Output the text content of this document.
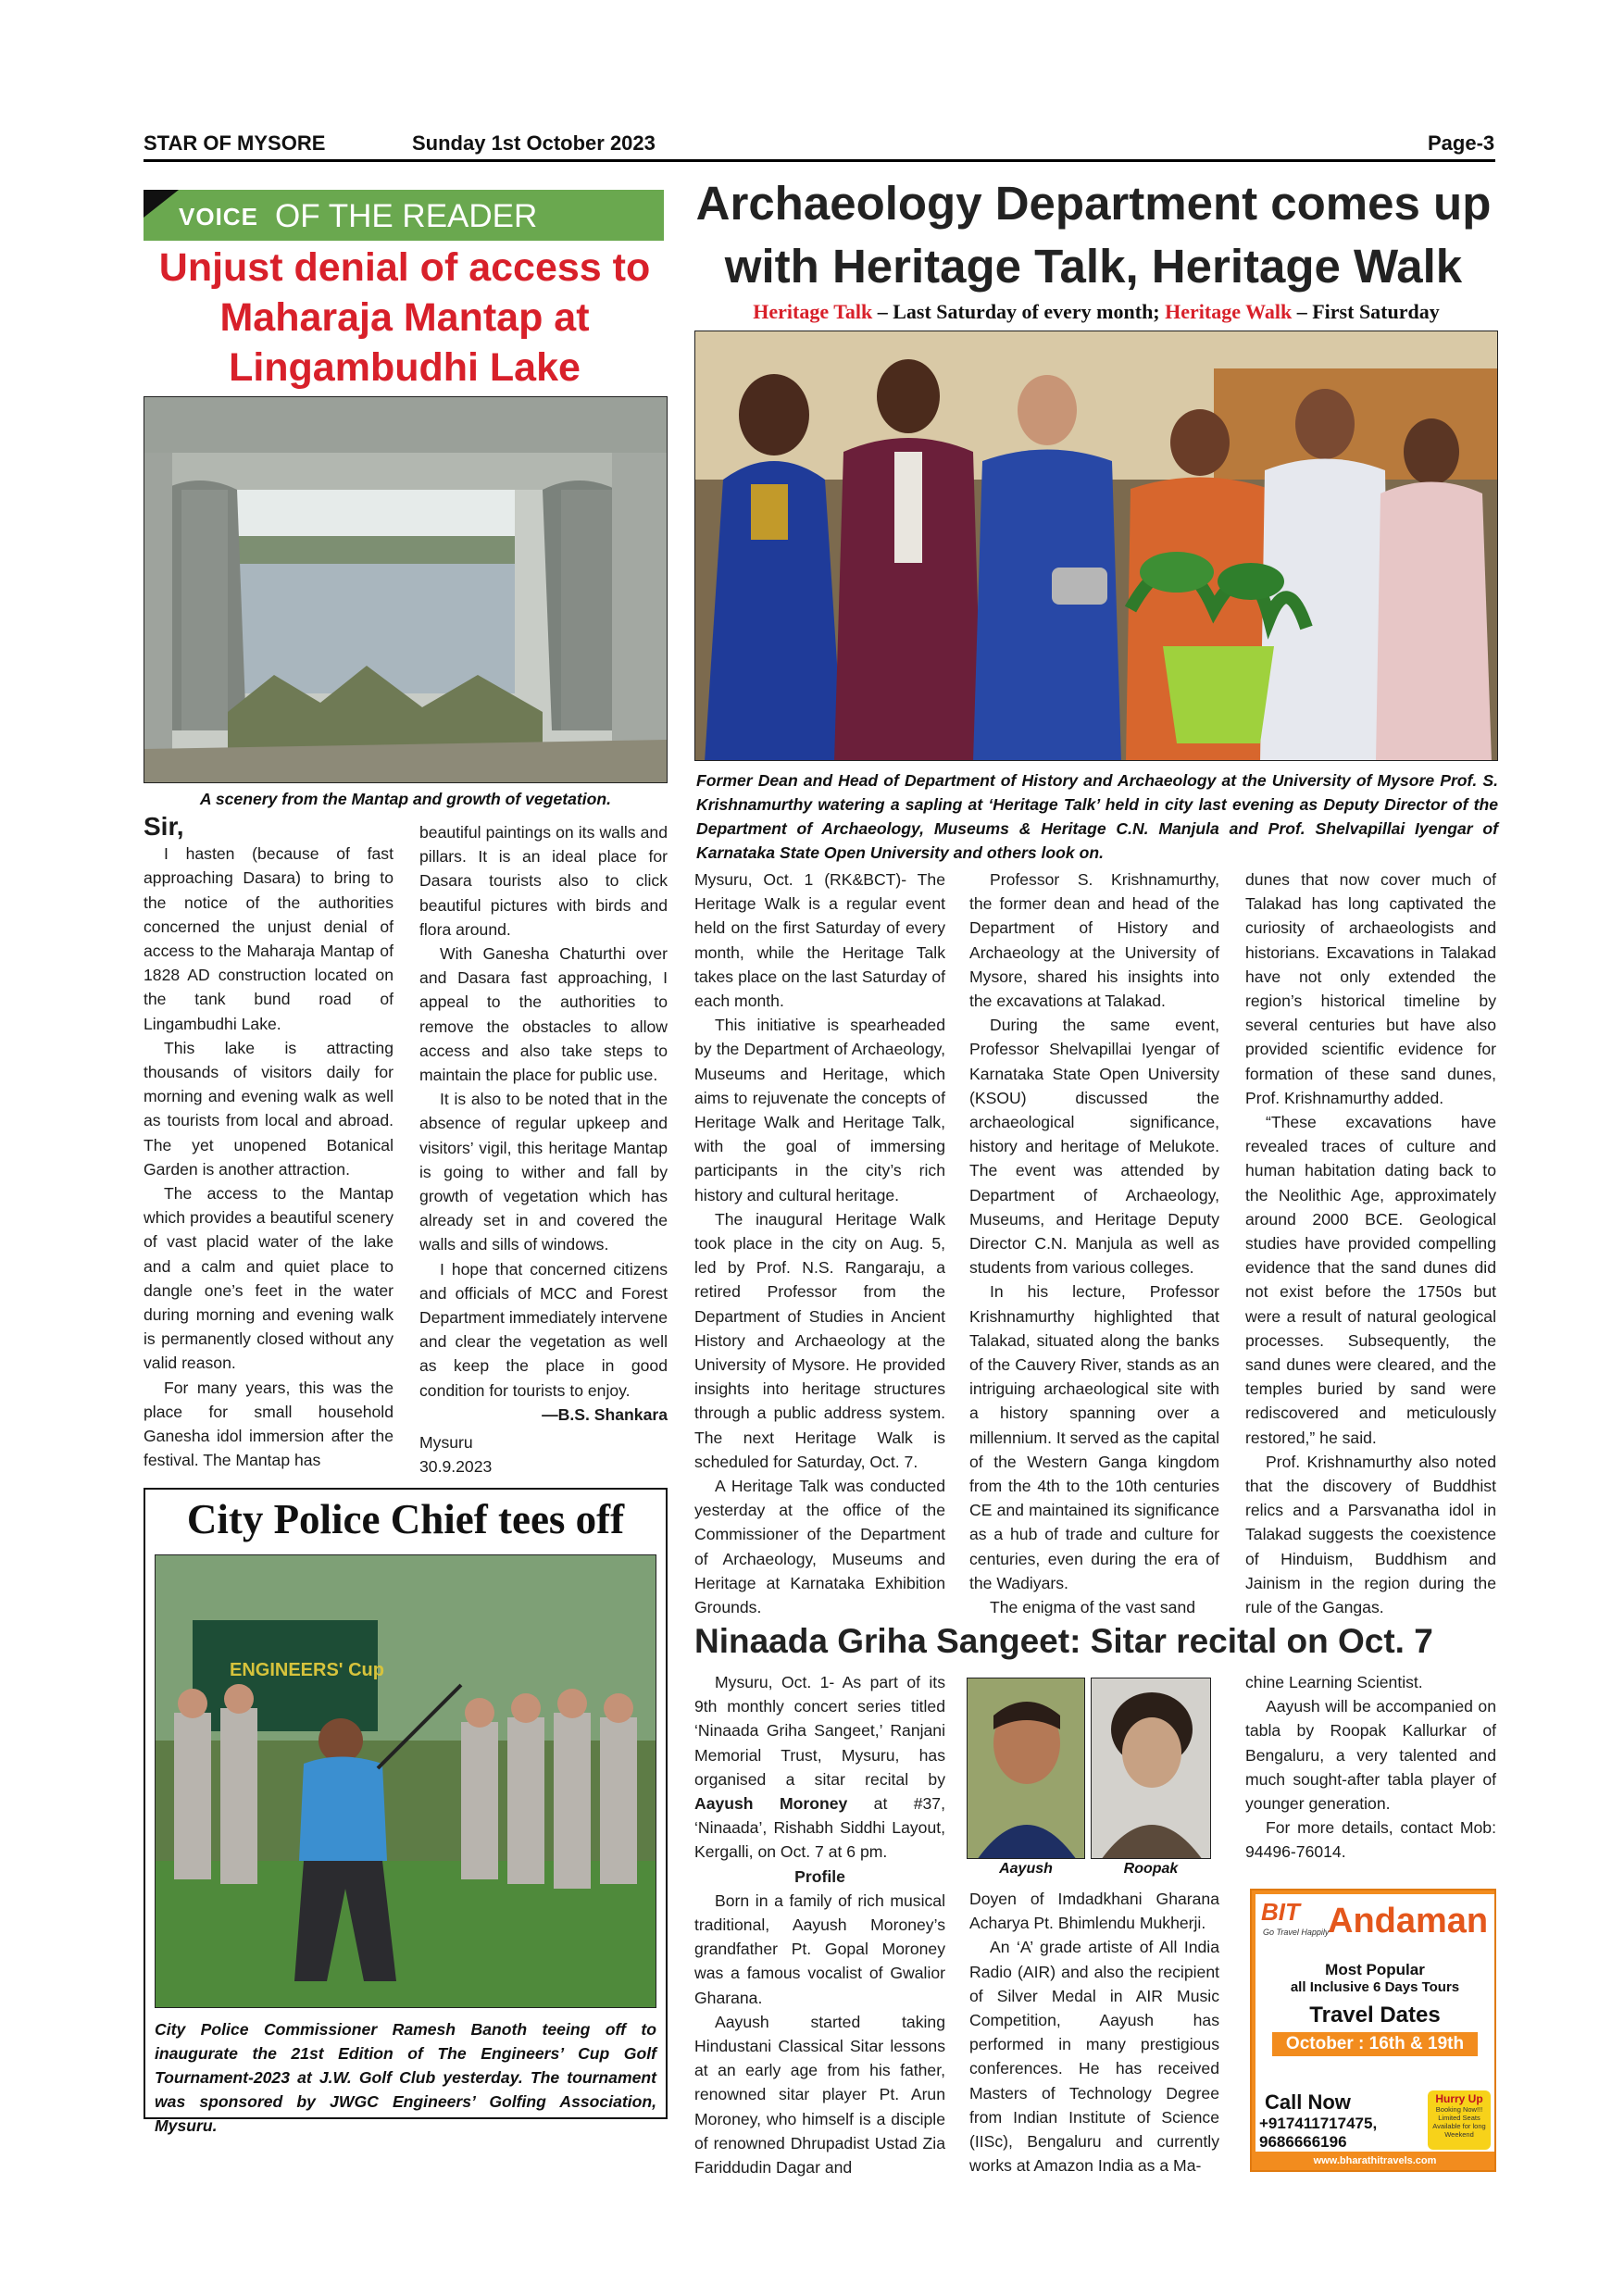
STAR OF MYSORE	Sunday 1st October 2023	Page-3
VOICE OF THE READER
Unjust denial of access to Maharaja Mantap at Lingambudhi Lake
A scenery from the Mantap and growth of vegetation.

Sir,

I hasten (because of fast approaching Dasara) to bring to the notice of the authorities concerned the unjust denial of access to the Maharaja Mantap of 1828 AD construction located on the tank bund road of Lingambudhi Lake.

This lake is attracting thousands of visitors daily for morning and evening walk as well as tourists from local and abroad. The yet unopened Botanical Garden is another attraction.

The access to the Mantap which provides a beautiful scenery of vast placid water of the lake and a calm and quiet place to dangle one’s feet in the water during morning and evening walk is permanently closed without any valid reason.

For many years, this was the place for small household Ganesha idol immersion after the festival. The Mantap has

beautiful paintings on its walls and pillars. It is an ideal place for Dasara tourists also to click beautiful pictures with birds and flora around.

With Ganesha Chaturthi over and Dasara fast approaching, I appeal to the authorities to remove the obstacles to allow access and also take steps to maintain the place for public use.

It is also to be noted that in the absence of regular upkeep and visitors’ vigil, this heritage Mantap is going to wither and fall by growth of vegetation which has already set in and covered the walls and sills of windows.

I hope that concerned citizens and officials of MCC and Forest Department immediately intervene and clear the vegetation as well as keep the place in good condition for tourists to enjoy.

—B.S. Shankara

Mysuru

30.9.2023

Archaeology Department comes up with Heritage Talk, Heritage Walk
Heritage Talk – Last Saturday of every month; Heritage Walk – First Saturday
Former Dean and Head of Department of History and Archaeology at the University of Mysore Prof. S. Krishnamurthy watering a sapling at ‘Heritage Talk’ held in city last evening as Deputy Director of the Department of Archaeology, Museums & Heritage C.N. Manjula and Prof. Shelvapillai Iyengar of Karnataka State Open University and others look on.

Mysuru, Oct. 1 (RK&BCT)- The Heritage Walk is a regular event held on the first Saturday of every month, while the Heritage Talk takes place on the last Saturday of each month.

This initiative is spearheaded by the Department of Archaeology, Museums and Heritage, which aims to rejuvenate the concepts of Heritage Walk and Heritage Talk, with the goal of immersing participants in the city’s rich history and cultural heritage.

The inaugural Heritage Walk took place in the city on Aug. 5, led by Prof. N.S. Rangaraju, a retired Professor from the Department of Studies in Ancient History and Archaeology at the University of Mysore. He provided insights into heritage structures through a public address system. The next Heritage Walk is scheduled for Saturday, Oct. 7.

A Heritage Talk was conducted yesterday at the office of the Commissioner of the Department of Archaeology, Museums and Heritage at Karnataka Exhibition Grounds.

Professor S. Krishnamurthy, the former dean and head of the Department of History and Archaeology at the University of Mysore, shared his insights into the excavations at Talakad.

During the same event, Professor Shelvapillai Iyengar of Karnataka State Open University (KSOU) discussed the archaeological significance, history and heritage of Melukote. The event was attended by Department of Archaeology, Museums, and Heritage Deputy Director C.N. Manjula as well as students from various colleges.

In his lecture, Professor Krishnamurthy highlighted that Talakad, situated along the banks of the Cauvery River, stands as an intriguing archaeological site with a history spanning over a millennium. It served as the capital of the Western Ganga kingdom from the 4th to the 10th centuries CE and maintained its significance as a hub of trade and culture for centuries, even during the era of the Wadiyars.

The enigma of the vast sand

dunes that now cover much of Talakad has long captivated the curiosity of archaeologists and historians. Excavations in Talakad have not only extended the region’s historical timeline by several centuries but have also provided scientific evidence for formation of these sand dunes, Prof. Krishnamurthy added.

“These excavations have revealed traces of culture and human habitation dating back to the Neolithic Age, approximately around 2000 BCE. Geological studies have provided compelling evidence that the sand dunes did not exist before the 1750s but were a result of natural geological processes. Subsequently, the sand dunes were cleared, and the temples buried by sand were rediscovered and meticulously restored,” he said.

Prof. Krishnamurthy also noted that the discovery of Buddhist relics and a Parsvanatha idol in Talakad suggests the coexistence of Hinduism, Buddhism and Jainism in the region during the rule of the Gangas.

City Police Chief tees off
ENGINEERS' Cup
City Police Commissioner Ramesh Banoth teeing off to inaugurate the 21st Edition of The Engineers’ Cup Golf Tournament-2023 at J.W. Golf Club yesterday. The tournament was sponsored by JWGC Engineers’ Golfing Association, Mysuru.
Ninaada Griha Sangeet: Sitar recital on Oct. 7

Mysuru, Oct. 1- As part of its 9th monthly concert series titled ‘Ninaada Griha Sangeet,’ Ranjani Memorial Trust, Mysuru, has organised a sitar recital by Aayush Moroney at #37, ‘Ninaada’, Rishabh Siddhi Layout, Kergalli, on Oct. 7 at 6 pm.

Profile

Born in a family of rich musical traditional, Aayush Moroney’s grandfather Pt. Gopal Moroney was a famous vocalist of Gwalior Gharana.

Aayush started taking Hindustani Classical Sitar lessons at an early age from his father, renowned sitar player Pt. Arun Moroney, who himself is a disciple of renowned Dhrupadist Ustad Zia Fariddudin Dagar and

Aayush	Roopak

Doyen of Imdadkhani Gharana Acharya Pt. Bhimlendu Mukherji.

An ‘A’ grade artiste of All India Radio (AIR) and also the recipient of Silver Medal in AIR Music Competition, Aayush has performed in many prestigious conferences. He has received Masters of Technology Degree from Indian Institute of Science (IISc), Bengaluru and currently works at Amazon India as a Ma-

chine Learning Scientist.

Aayush will be accompanied on tabla by Roopak Kallurkar of Bengaluru, a very talented and much sought-after tabla player of younger generation.

For more details, contact Mob: 94496-76014.

BIT
Go Travel Happily
Andaman
Most Popular
all Inclusive 6 Days Tours
Travel Dates
October : 16th & 19th
Call Now
+917411717475,
9686666196
Hurry Up
Booking Now!!! Limited Seats Available for long Weekend
www.bharathitravels.com
